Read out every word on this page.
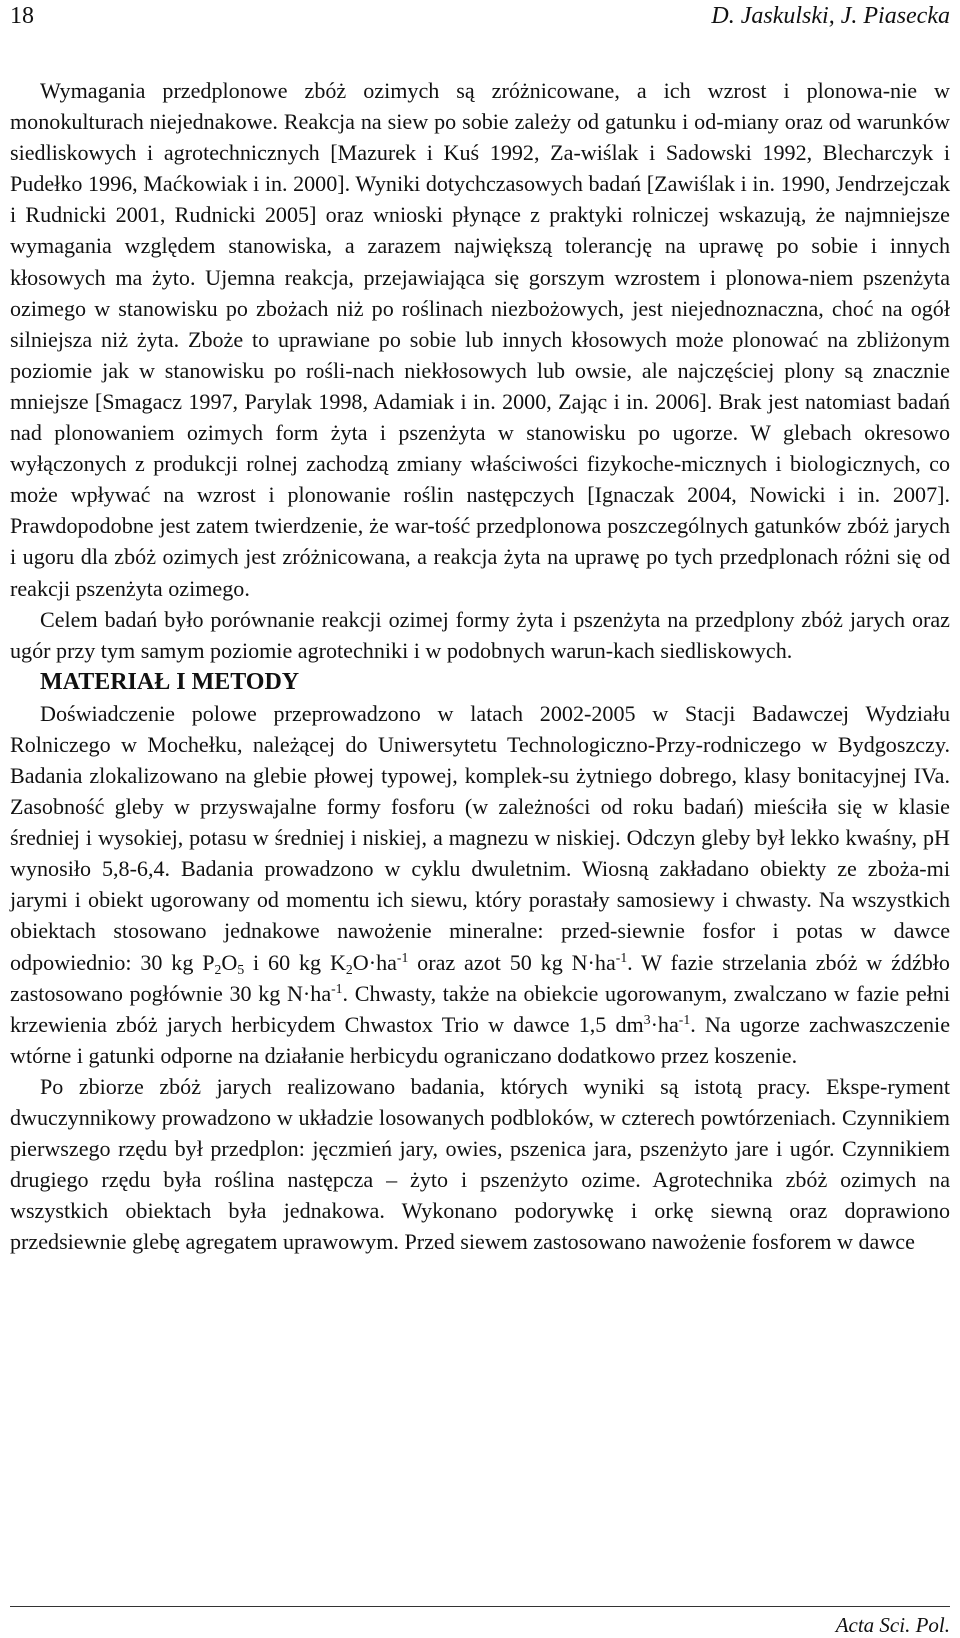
18	D. Jaskulski, J. Piasecka

Wymagania przedplonowe zbóż ozimych są zróżnicowane, a ich wzrost i plonowa-nie w monokulturach niejednakowe. Reakcja na siew po sobie zależy od gatunku i od-miany oraz od warunków siedliskowych i agrotechnicznych [Mazurek i Kuś 1992, Za-wiślak i Sadowski 1992, Blecharczyk i Pudełko 1996, Maćkowiak i in. 2000]. Wyniki dotychczasowych badań [Zawiślak i in. 1990, Jendrzejczak i Rudnicki 2001, Rudnicki 2005] oraz wnioski płynące z praktyki rolniczej wskazują, że najmniejsze wymagania względem stanowiska, a zarazem największą tolerancję na uprawę po sobie i innych kłosowych ma żyto. Ujemna reakcja, przejawiająca się gorszym wzrostem i plonowa-niem pszenżyta ozimego w stanowisku po zbożach niż po roślinach niezbożowych, jest niejednoznaczna, choć na ogół silniejsza niż żyta. Zboże to uprawiane po sobie lub innych kłosowych może plonować na zbliżonym poziomie jak w stanowisku po rośli-nach niekłosowych lub owsie, ale najczęściej plony są znacznie mniejsze [Smagacz 1997, Parylak 1998, Adamiak i in. 2000, Zając i in. 2006]. Brak jest natomiast badań nad plonowaniem ozimych form żyta i pszenżyta w stanowisku po ugorze. W glebach okresowo wyłączonych z produkcji rolnej zachodzą zmiany właściwości fizykoche-micznych i biologicznych, co może wpływać na wzrost i plonowanie roślin następczych [Ignaczak 2004, Nowicki i in. 2007]. Prawdopodobne jest zatem twierdzenie, że war-tość przedplonowa poszczególnych gatunków zbóż jarych i ugoru dla zbóż ozimych jest zróżnicowana, a reakcja żyta na uprawę po tych przedplonach różni się od reakcji pszenżyta ozimego.

Celem badań było porównanie reakcji ozimej formy żyta i pszenżyta na przedplony zbóż jarych oraz ugór przy tym samym poziomie agrotechniki i w podobnych warun-kach siedliskowych.

MATERIAŁ I METODY

Doświadczenie polowe przeprowadzono w latach 2002-2005 w Stacji Badawczej Wydziału Rolniczego w Mochełku, należącej do Uniwersytetu Technologiczno-Przy-rodniczego w Bydgoszczy. Badania zlokalizowano na glebie płowej typowej, komplek-su żytniego dobrego, klasy bonitacyjnej IVa. Zasobność gleby w przyswajalne formy fosforu (w zależności od roku badań) mieściła się w klasie średniej i wysokiej, potasu w średniej i niskiej, a magnezu w niskiej. Odczyn gleby był lekko kwaśny, pH wynosiło 5,8-6,4. Badania prowadzono w cyklu dwuletnim. Wiosną zakładano obiekty ze zboża-mi jarymi i obiekt ugorowany od momentu ich siewu, który porastały samosiewy i chwasty. Na wszystkich obiektach stosowano jednakowe nawożenie mineralne: przed-siewnie fosfor i potas w dawce odpowiednio: 30 kg $P_2O_5$ i 60 kg $K_2O\cdot ha^{-1}$ oraz azot 50 kg $N\cdot ha^{-1}$. W fazie strzelania zbóż w źdźbło zastosowano pogłównie 30 kg $N\cdot ha^{-1}$. Chwasty, także na obiekcie ugorowanym, zwalczano w fazie pełni krzewienia zbóż jarych herbicydem Chwastox Trio w dawce 1,5 $dm^3\cdot ha^{-1}$. Na ugorze zachwaszczenie wtórne i gatunki odporne na działanie herbicydu ograniczano dodatkowo przez koszenie.

Po zbiorze zbóż jarych realizowano badania, których wyniki są istotą pracy. Ekspe-ryment dwuczynnikowy prowadzono w układzie losowanych podbloków, w czterech powtórzeniach. Czynnikiem pierwszego rzędu był przedplon: jęczmień jary, owies, pszenica jara, pszenżyto jare i ugór. Czynnikiem drugiego rzędu była roślina następcza – żyto i pszenżyto ozime. Agrotechnika zbóż ozimych na wszystkich obiektach była jednakowa. Wykonano podorywkę i orkę siewną oraz doprawiono przedsiewnie glebę agregatem uprawowym. Przed siewem zastosowano nawożenie fosforem w dawce

Acta Sci. Pol.
